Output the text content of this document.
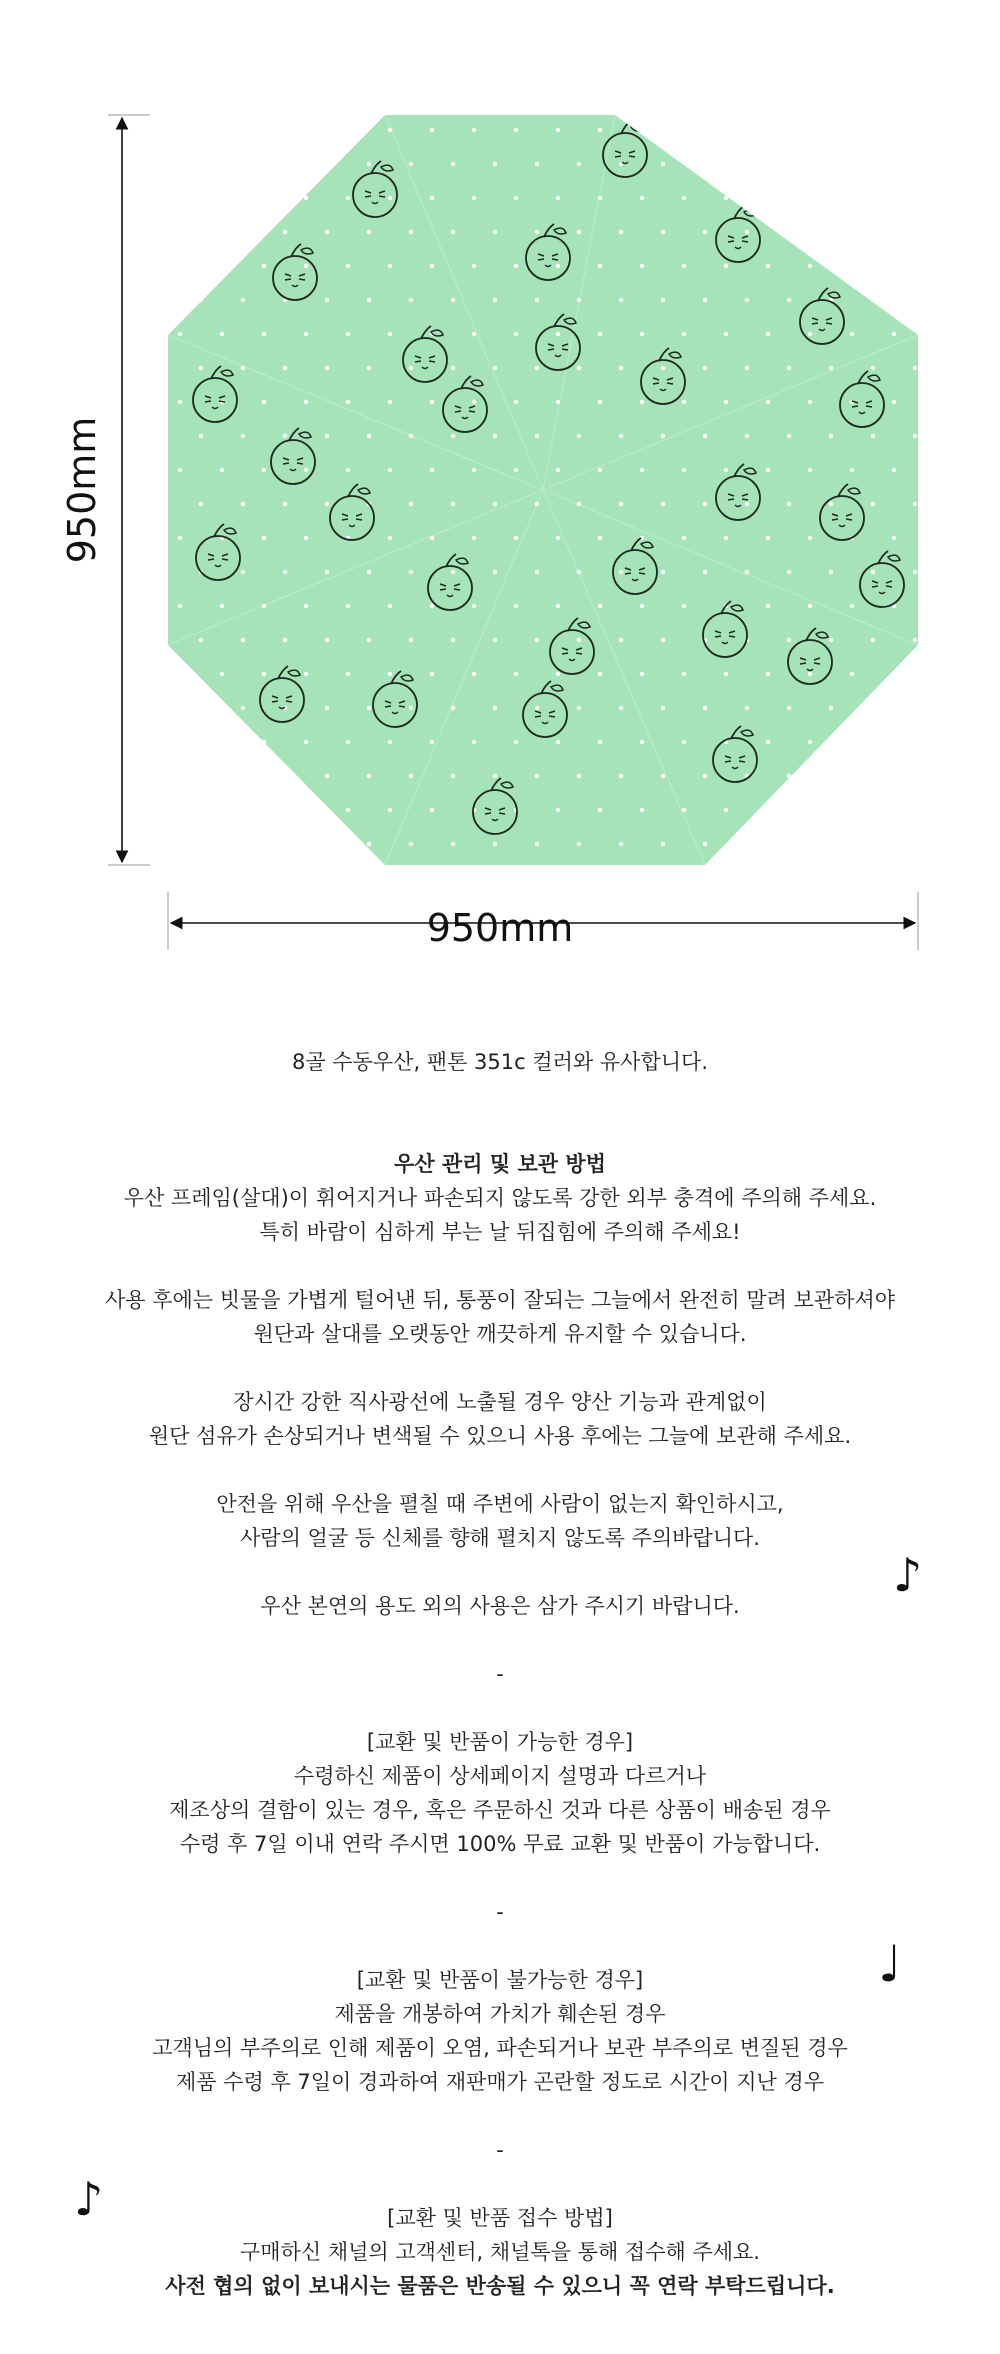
950mm
950mm
8골 수동우산, 팬톤 351c 컬러와 유사합니다.
우산 관리 및 보관 방법
우산 프레임(살대)이 휘어지거나 파손되지 않도록 강한 외부 충격에 주의해 주세요.
특히 바람이 심하게 부는 날 뒤집힘에 주의해 주세요!
사용 후에는 빗물을 가볍게 털어낸 뒤, 통풍이 잘되는 그늘에서 완전히 말려 보관하셔야
원단과 살대를 오랫동안 깨끗하게 유지할 수 있습니다.
장시간 강한 직사광선에 노출될 경우 양산 기능과 관계없이
원단 섬유가 손상되거나 변색될 수 있으니 사용 후에는 그늘에 보관해 주세요.
안전을 위해 우산을 펼칠 때 주변에 사람이 없는지 확인하시고,
사람의 얼굴 등 신체를 향해 펼치지 않도록 주의바랍니다.
우산 본연의 용도 외의 사용은 삼가 주시기 바랍니다.
-
[교환 및 반품이 가능한 경우]
수령하신 제품이 상세페이지 설명과 다르거나
제조상의 결함이 있는 경우, 혹은 주문하신 것과 다른 상품이 배송된 경우
수령 후 7일 이내 연락 주시면 100% 무료 교환 및 반품이 가능합니다.
-
[교환 및 반품이 불가능한 경우]
제품을 개봉하여 가치가 훼손된 경우
고객님의 부주의로 인해 제품이 오염, 파손되거나 보관 부주의로 변질된 경우
제품 수령 후 7일이 경과하여 재판매가 곤란할 정도로 시간이 지난 경우
-
[교환 및 반품 접수 방법]
구매하신 채널의 고객센터, 채널톡을 통해 접수해 주세요.
사전 협의 없이 보내시는 물품은 반송될 수 있으니 꼭 연락 부탁드립니다.
♪
♩
♪
